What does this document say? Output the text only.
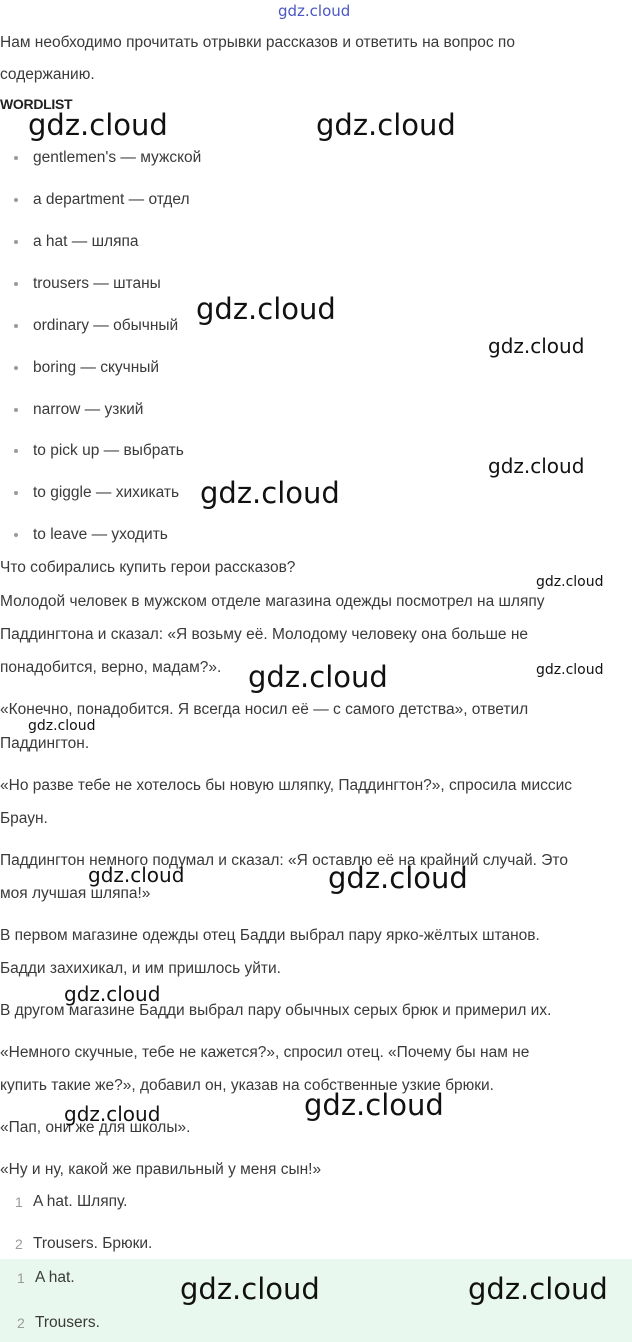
Нам необходимо прочитать отрывки рассказов и ответить на вопрос по
содержанию.
WORDLIST
gentlemen's — мужской
a department — отдел
a hat — шляпа
trousers — штаны
ordinary — обычный
boring — скучный
narrow — узкий
to pick up — выбрать
to giggle — хихикать
to leave — уходить
Что собирались купить герои рассказов?
Молодой человек в мужском отделе магазина одежды посмотрел на шляпу
Паддингтона и сказал: «Я возьму её. Молодому человеку она больше не
понадобится, верно, мадам?».
«Конечно, понадобится. Я всегда носил её — с самого детства», ответил
Паддингтон.
«Но разве тебе не хотелось бы новую шляпку, Паддингтон?», спросила миссис
Браун.
Паддингтон немного подумал и сказал: «Я оставлю её на крайний случай. Это
моя лучшая шляпа!»
В первом магазине одежды отец Бадди выбрал пару ярко-жёлтых штанов.
Бадди захихикал, и им пришлось уйти.
В другом магазине Бадди выбрал пару обычных серых брюк и примерил их.
«Немного скучные, тебе не кажется?», спросил отец. «Почему бы нам не
купить такие же?», добавил он, указав на собственные узкие брюки.
«Пап, они же для школы».
«Ну и ну, какой же правильный у меня сын!»
1 A hat. Шляпу.
2 Trousers. Брюки.
1 A hat.
2 Trousers.
gdz.cloud
gdz.cloud	gdz.cloud
gdz.cloud
gdz.cloud
gdz.cloud
gdz.cloud
gdz.cloud
gdz.cloud
gdz.cloud
gdz.cloud
gdz.cloud	gdz.cloud
gdz.cloud
gdz.cloud
gdz.cloud
gdz.cloud	gdz.cloud
